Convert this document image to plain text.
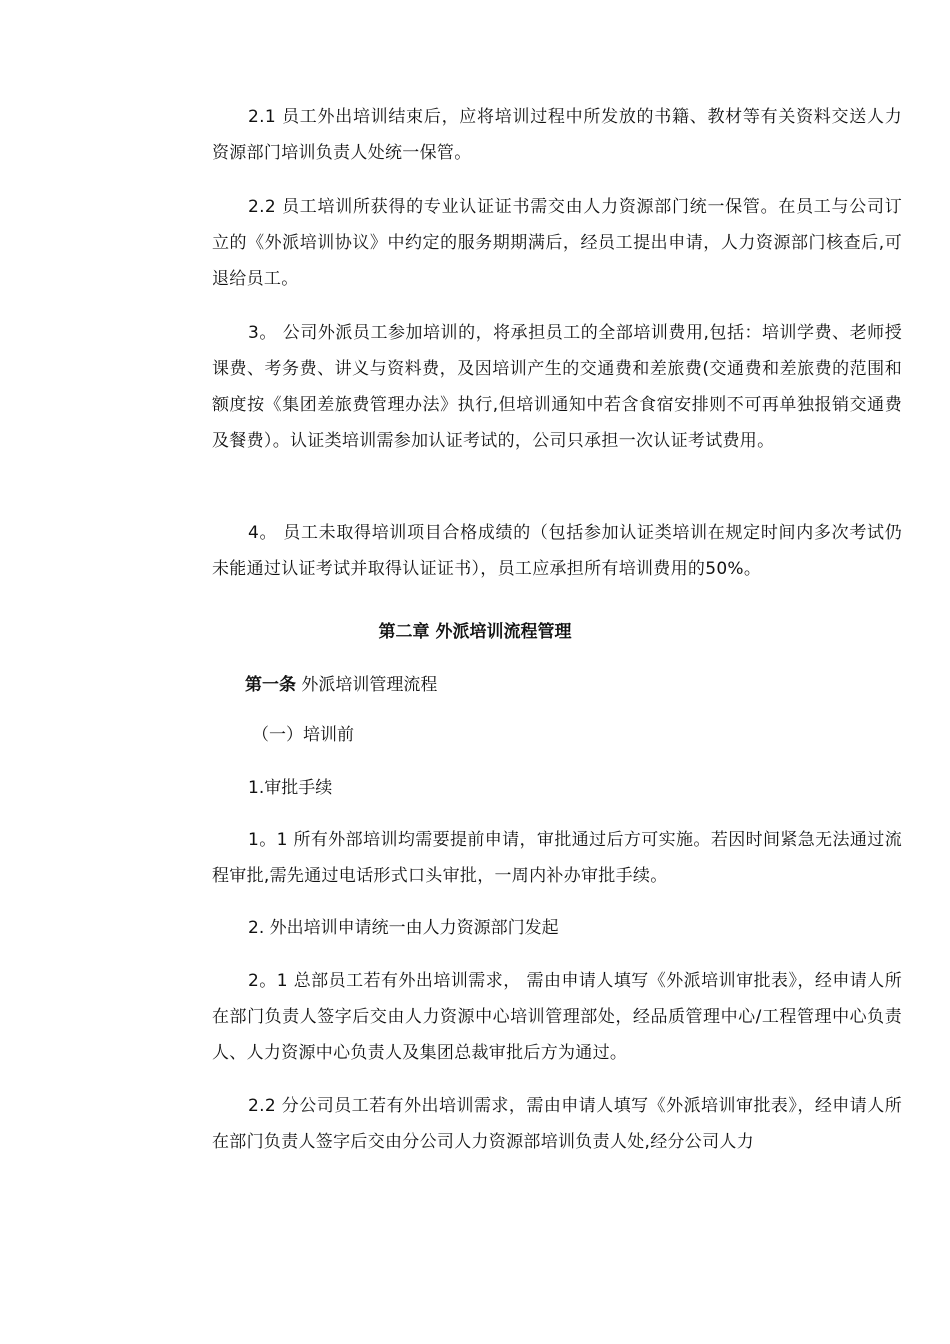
2.1 员工外出培训结束后，应将培训过程中所发放的书籍、教材等有关资料交送人力资源部门培训负责人处统一保管。

2.2 员工培训所获得的专业认证证书需交由人力资源部门统一保管。在员工与公司订立的《外派培训协议》中约定的服务期期满后，经员工提出申请，人力资源部门核查后,可退给员工。

3。 公司外派员工参加培训的，将承担员工的全部培训费用,包括：培训学费、老师授课费、考务费、讲义与资料费，及因培训产生的交通费和差旅费(交通费和差旅费的范围和额度按《集团差旅费管理办法》执行,但培训通知中若含食宿安排则不可再单独报销交通费及餐费）。认证类培训需参加认证考试的，公司只承担一次认证考试费用。

4。 员工未取得培训项目合格成绩的（包括参加认证类培训在规定时间内多次考试仍未能通过认证考试并取得认证证书），员工应承担所有培训费用的50%。

第二章 外派培训流程管理

第一条 外派培训管理流程

（一）培训前

1.审批手续

1。1 所有外部培训均需要提前申请，审批通过后方可实施。若因时间紧急无法通过流程审批,需先通过电话形式口头审批，一周内补办审批手续。

2. 外出培训申请统一由人力资源部门发起

2。1 总部员工若有外出培训需求， 需由申请人填写《外派培训审批表》，经申请人所在部门负责人签字后交由人力资源中心培训管理部处，经品质管理中心/工程管理中心负责人、人力资源中心负责人及集团总裁审批后方为通过。

2.2 分公司员工若有外出培训需求，需由申请人填写《外派培训审批表》，经申请人所在部门负责人签字后交由分公司人力资源部培训负责人处,经分公司人力
